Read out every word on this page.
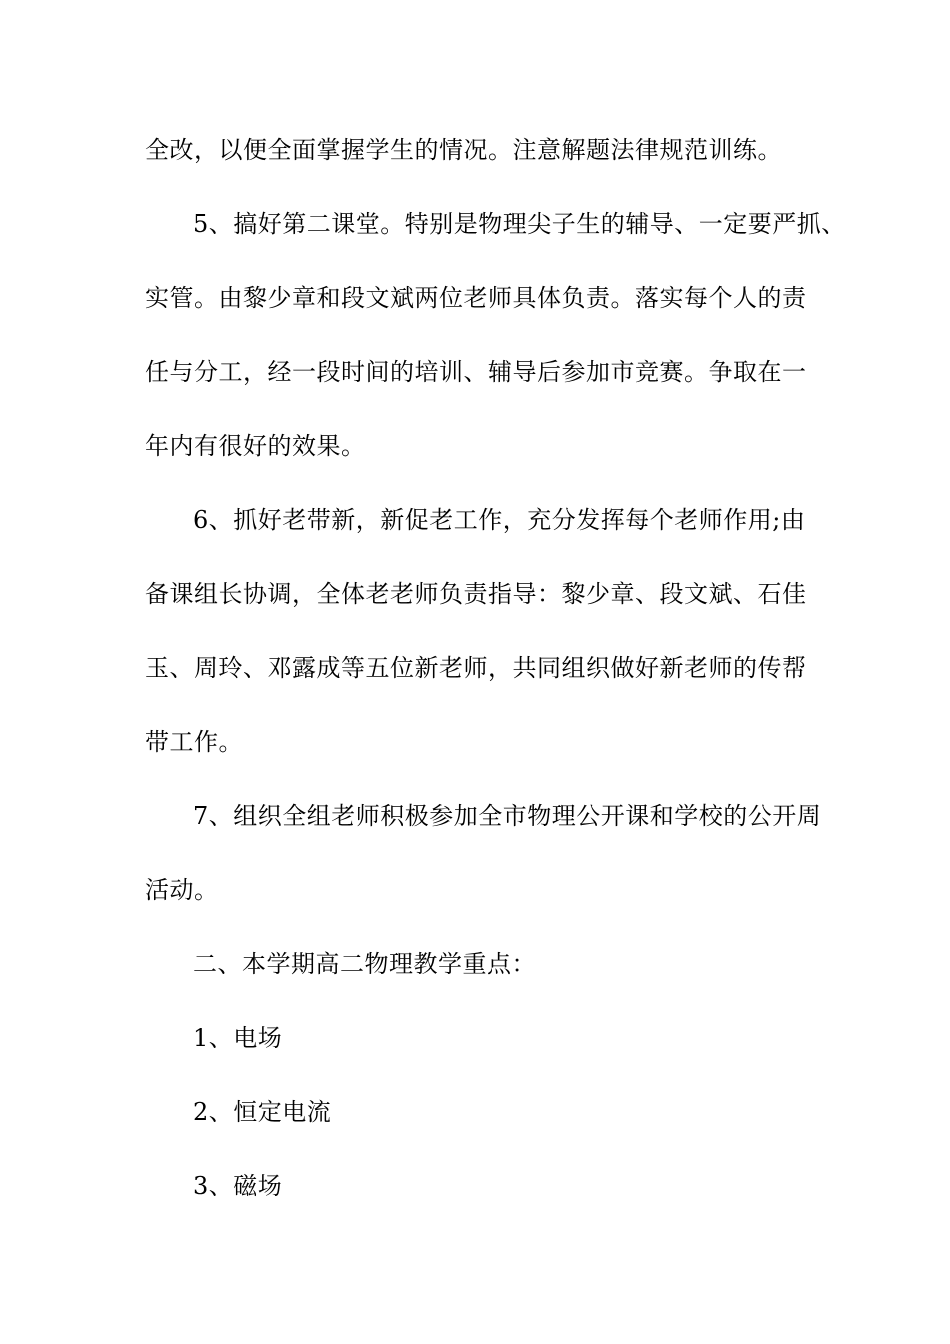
全改，以便全面掌握学生的情况。注意解题法律规范训练。
5、搞好第二课堂。特别是物理尖子生的辅导、一定要严抓、
实管。由黎少章和段文斌两位老师具体负责。落实每个人的责
任与分工，经一段时间的培训、辅导后参加市竞赛。争取在一
年内有很好的效果。
6、抓好老带新，新促老工作，充分发挥每个老师作用;由
备课组长协调，全体老老师负责指导：黎少章、段文斌、石佳
玉、周玲、邓露成等五位新老师，共同组织做好新老师的传帮
带工作。
7、组织全组老师积极参加全市物理公开课和学校的公开周
活动。
二、本学期高二物理教学重点：
1、电场
2、恒定电流
3、磁场
